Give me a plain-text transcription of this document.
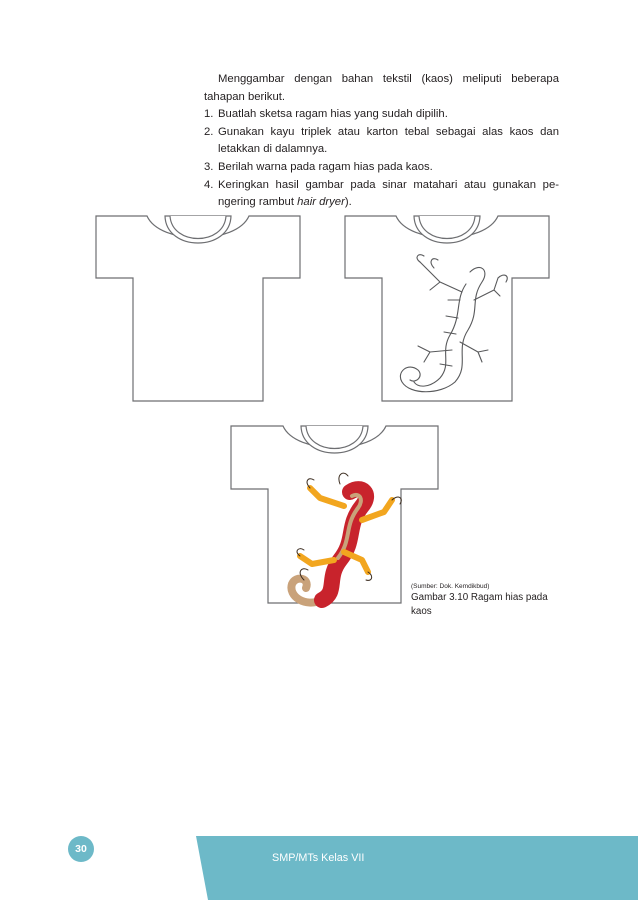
Menggambar dengan bahan tekstil (kaos) meliputi beberapa tahapan berikut.

1. Buatlah sketsa ragam hias yang sudah dipilih.
2. Gunakan kayu triplek atau karton tebal sebagai alas kaos dan letakkan di dalamnya.
3. Berilah warna pada ragam hias pada kaos.
4. Keringkan hasil gambar pada sinar matahari atau gunakan pe-ngering rambut hair dryer).
(Sumber: Dok. Kemdikbud)
Gambar 3.10 Ragam hias pada kaos
30
SMP/MTs Kelas VII
